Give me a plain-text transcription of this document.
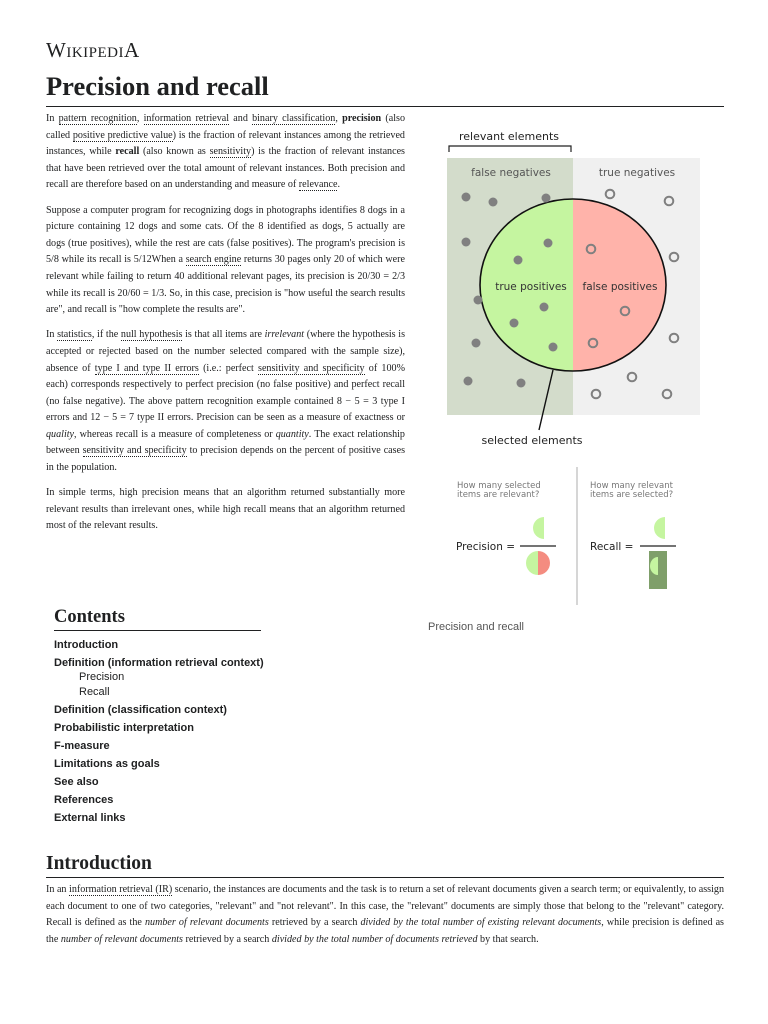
WIKIPEDIA
Precision and recall

In pattern recognition, information retrieval and binary classification, precision (also called positive predictive value) is the fraction of relevant instances among the retrieved instances, while recall (also known as sensitivity) is the fraction of relevant instances that have been retrieved over the total amount of relevant instances. Both precision and recall are therefore based on an understanding and measure of relevance.

Suppose a computer program for recognizing dogs in photographs identifies 8 dogs in a picture containing 12 dogs and some cats. Of the 8 identified as dogs, 5 actually are dogs (true positives), while the rest are cats (false positives). The program's precision is 5/8 while its recall is 5/12When a search engine returns 30 pages only 20 of which were relevant while failing to return 40 additional relevant pages, its precision is 20/30 = 2/3 while its recall is 20/60 = 1/3. So, in this case, precision is "how useful the search results are", and recall is "how complete the results are".

In statistics, if the null hypothesis is that all items are irrelevant (where the hypothesis is accepted or rejected based on the number selected compared with the sample size), absence of type I and type II errors (i.e.: perfect sensitivity and specificity of 100% each) corresponds respectively to perfect precision (no false positive) and perfect recall (no false negative). The above pattern recognition example contained 8 − 5 = 3 type I errors and 12 − 5 = 7 type II errors. Precision can be seen as a measure of exactness or quality, whereas recall is a measure of completeness or quantity. The exact relationship between sensitivity and specificity to precision depends on the percent of positive cases in the population.

In simple terms, high precision means that an algorithm returned substantially more relevant results than irrelevant ones, while high recall means that an algorithm returned most of the relevant results.

relevant elements
false negatives	true negatives
true positives false positives
selected elements
How many selected
items are relevant?
How many relevant
items are selected?
Precision =	Recall =
Precision and recall
Contents
Introduction
Definition (information retrieval context)
Precision
Recall
Definition (classification context)
Probabilistic interpretation
F-measure
Limitations as goals
See also
References
External links
Introduction

In an information retrieval (IR) scenario, the instances are documents and the task is to return a set of relevant documents given a search term; or equivalently, to assign each document to one of two categories, "relevant" and "not relevant". In this case, the "relevant" documents are simply those that belong to the "relevant" category. Recall is defined as the number of relevant documents retrieved by a search divided by the total number of existing relevant documents, while precision is defined as the number of relevant documents retrieved by a search divided by the total number of documents retrieved by that search.
